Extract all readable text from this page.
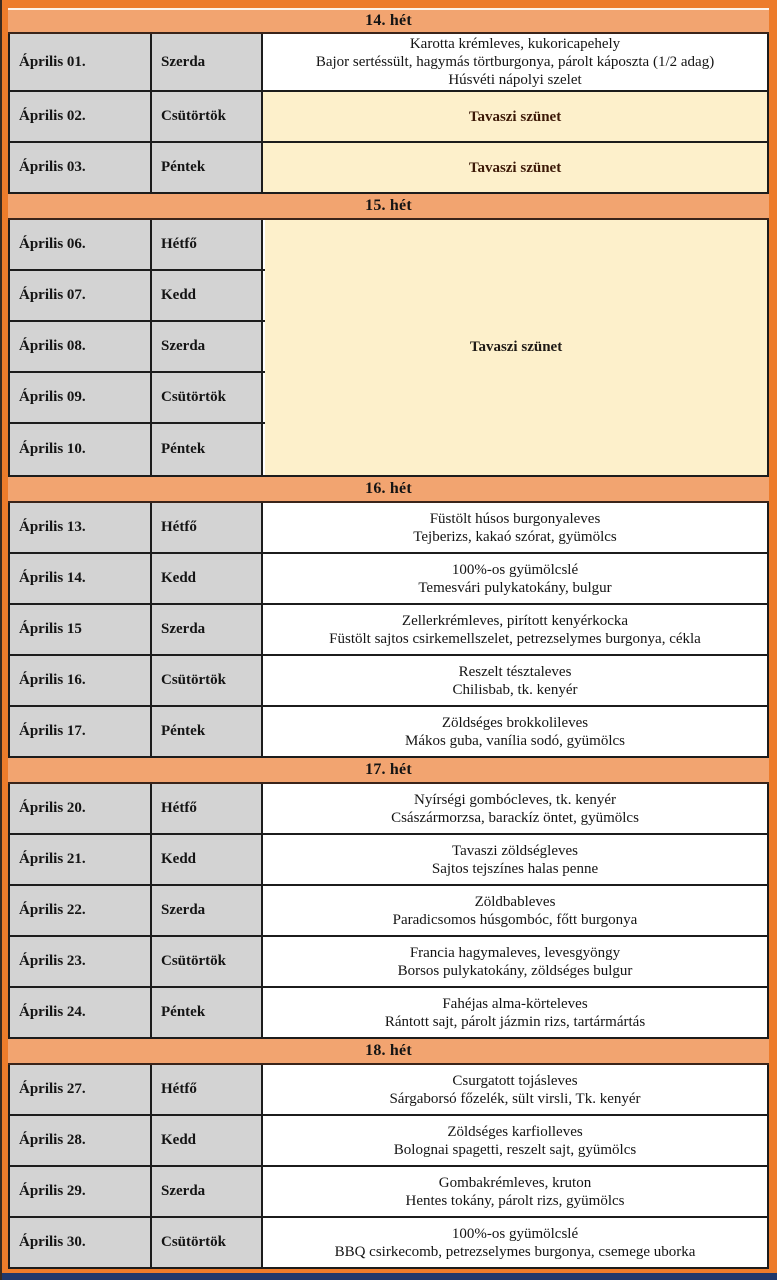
14. hét
Április 01.	Szerda
Karotta krémleves, kukoricapehely
Bajor sertéssült, hagymás törtburgonya, párolt káposzta (1/2 adag)
Húsvéti nápolyi szelet
Április 02.	Csütörtök	Tavaszi szünet
Április 03.	Péntek	Tavaszi szünet
15. hét
Április 06.	Hétfő
Április 07.	Kedd
Április 08.	Szerda
Április 09.	Csütörtök
Április 10.	Péntek
Tavaszi szünet
16. hét
Április 13.	Hétfő
Füstölt húsos burgonyaleves
Tejberizs, kakaó szórat, gyümölcs
Április 14.	Kedd
100%-os gyümölcslé
Temesvári pulykatokány, bulgur
Április 15	Szerda
Zellerkrémleves, pirított kenyérkocka
Füstölt sajtos csirkemellszelet, petrezselymes burgonya, cékla
Április 16.	Csütörtök
Reszelt tésztaleves
Chilisbab, tk. kenyér
Április 17.	Péntek
Zöldséges brokkolileves
Mákos guba, vanília sodó, gyümölcs
17. hét
Április 20.	Hétfő
Nyírségi gombócleves, tk. kenyér
Császármorzsa, barackíz öntet, gyümölcs
Április 21.	Kedd
Tavaszi zöldségleves
Sajtos tejszínes halas penne
Április 22.	Szerda
Zöldbableves
Paradicsomos húsgombóc, főtt burgonya
Április 23.	Csütörtök
Francia hagymaleves, levesgyöngy
Borsos pulykatokány, zöldséges bulgur
Április 24.	Péntek
Fahéjas alma-körteleves
Rántott sajt, párolt jázmin rizs, tartármártás
18. hét
Április 27.	Hétfő
Csurgatott tojásleves
Sárgaborsó főzelék, sült virsli, Tk. kenyér
Április 28.	Kedd
Zöldséges karfiolleves
Bolognai spagetti, reszelt sajt, gyümölcs
Április 29.	Szerda
Gombakrémleves, kruton
Hentes tokány, párolt rizs, gyümölcs
Április 30.	Csütörtök
100%-os gyümölcslé
BBQ csirkecomb, petrezselymes burgonya, csemege uborka
